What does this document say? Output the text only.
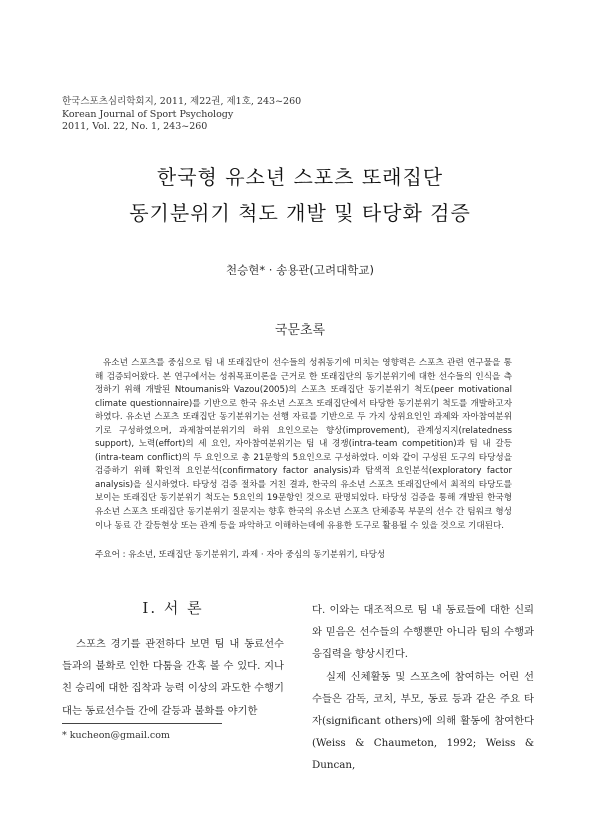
한국스포츠심리학회지, 2011, 제22권, 제1호, 243~260
Korean Journal of Sport Psychology
2011, Vol. 22, No. 1, 243~260
한국형 유소년 스포츠 또래집단
동기분위기 척도 개발 및 타당화 검증
천승현* · 송용관(고려대학교)
국문초록

유소년 스포츠를 중심으로 팀 내 또래집단이 선수들의 성취동기에 미치는 영향력은 스포츠 관련 연구물을 통해 검증되어왔다. 본 연구에서는 성취목표이론을 근거로 한 또래집단의 동기분위기에 대한 선수들의 인식을 측정하기 위해 개발된 Ntoumanis와 Vazou(2005)의 스포츠 또래집단 동기분위기 척도(peer motivational climate questionnaire)를 기반으로 한국 유소년 스포츠 또래집단에서 타당한 동기분위기 척도를 개발하고자 하였다. 유소년 스포츠 또래집단 동기분위기는 선행 자료를 기반으로 두 가지 상위요인인 과제와 자아참여분위기로 구성하였으며, 과제참여분위기의 하위 요인으로는 향상(improvement), 관계성지지(relatedness support), 노력(effort)의 세 요인, 자아참여분위기는 팀 내 경쟁(intra-team competition)과 팀 내 갈등(intra-team conflict)의 두 요인으로 총 21문항의 5요인으로 구성하였다. 이와 같이 구성된 도구의 타당성을 검증하기 위해 확인적 요인분석(confirmatory factor analysis)과 탐색적 요인분석(exploratory factor analysis)을 실시하였다. 타당성 검증 절차를 거친 결과, 한국의 유소년 스포츠 또래집단에서 최적의 타당도를 보이는 또래집단 동기분위기 척도는 5요인의 19문항인 것으로 판명되었다. 타당성 검증을 통해 개발된 한국형 유소년 스포츠 또래집단 동기분위기 질문지는 향후 한국의 유소년 스포츠 단체종목 부문의 선수 간 팀워크 형성이나 동료 간 갈등현상 또는 관계 등을 파악하고 이해하는데에 유용한 도구로 활용될 수 있을 것으로 기대된다.

주요어 : 유소년, 또래집단 동기분위기, 과제 · 자아 중심의 동기분위기, 타당성
Ⅰ. 서 론

스포츠 경기를 관전하다 보면 팀 내 동료선수들과의 불화로 인한 다툼을 간혹 볼 수 있다. 지나친 승리에 대한 집착과 능력 이상의 과도한 수행기대는 동료선수들 간에 갈등과 불화를 야기한

다. 이와는 대조적으로 팀 내 동료들에 대한 신뢰와 믿음은 선수들의 수행뿐만 아니라 팀의 수행과 응집력을 향상시킨다.

실제 신체활동 및 스포츠에 참여하는 어린 선수들은 감독, 코치, 부모, 동료 등과 같은 주요 타자(significant others)에 의해 활동에 참여한다 (Weiss & Chaumeton, 1992; Weiss & Duncan,

* kucheon@gmail.com
